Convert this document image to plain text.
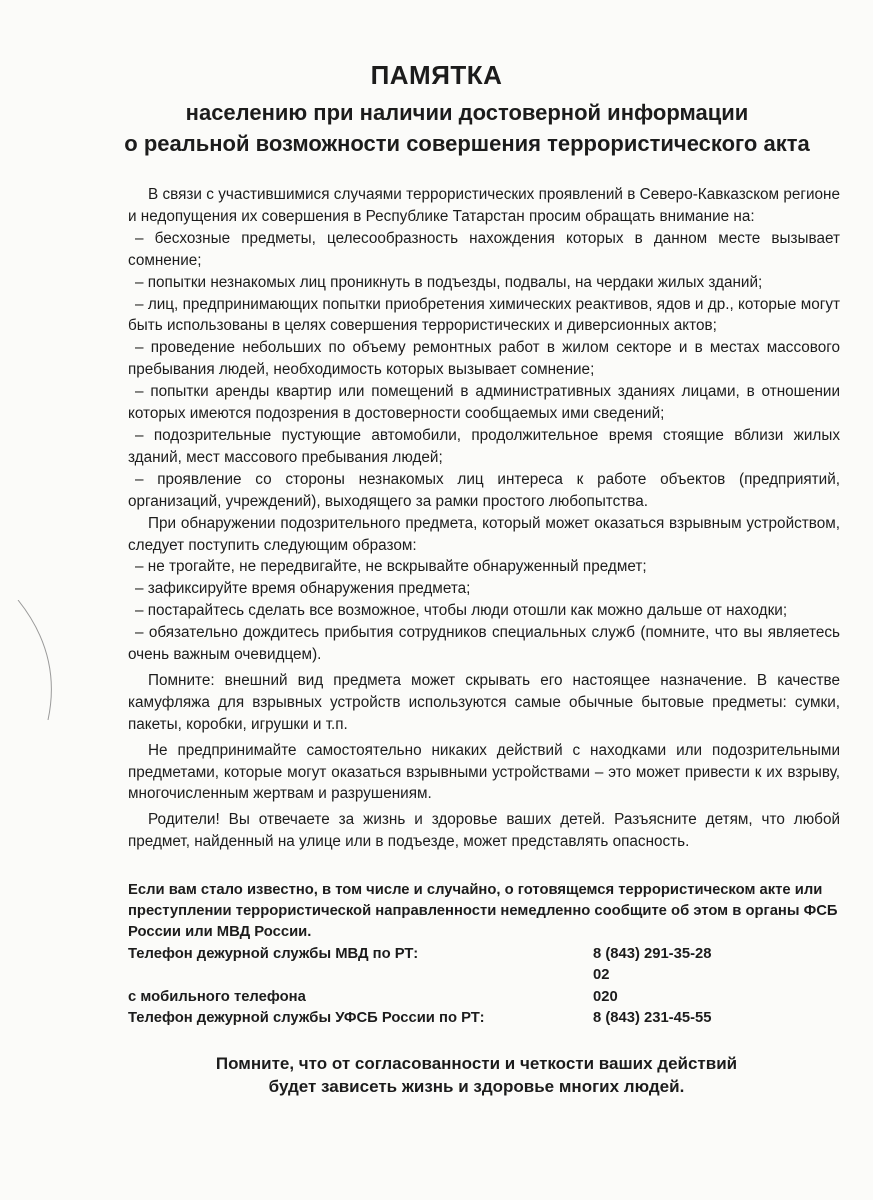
ПАМЯТКА
населению при наличии достоверной информации
о реальной возможности совершения террористического акта

В связи с участившимися случаями террористических проявлений в Северо-Кавказском регионе и недопущения их совершения в Республике Татарстан просим обращать внимание на:

– бесхозные предметы, целесообразность нахождения которых в данном месте вызывает сомнение;

– попытки незнакомых лиц проникнуть в подъезды, подвалы, на чердаки жилых зданий;

– лиц, предпринимающих попытки приобретения химических реактивов, ядов и др., которые могут быть использованы в целях совершения террористических и диверсионных актов;

– проведение небольших по объему ремонтных работ в жилом секторе и в местах массового пребывания людей, необходимость которых вызывает сомнение;

– попытки аренды квартир или помещений в административных зданиях лицами, в отношении которых имеются подозрения в достоверности сообщаемых ими сведений;

– подозрительные пустующие автомобили, продолжительное время стоящие вблизи жилых зданий, мест массового пребывания людей;

– проявление со стороны незнакомых лиц интереса к работе объектов (предприятий, организаций, учреждений), выходящего за рамки простого любопытства.

При обнаружении подозрительного предмета, который может оказаться взрывным устройством, следует поступить следующим образом:

– не трогайте, не передвигайте, не вскрывайте обнаруженный предмет;

– зафиксируйте время обнаружения предмета;

– постарайтесь сделать все возможное, чтобы люди отошли как можно дальше от находки;

– обязательно дождитесь прибытия сотрудников специальных служб (помните, что вы являетесь очень важным очевидцем).

Помните: внешний вид предмета может скрывать его настоящее назначение. В качестве камуфляжа для взрывных устройств используются самые обычные бытовые предметы: сумки, пакеты, коробки, игрушки и т.п.

Не предпринимайте самостоятельно никаких действий с находками или подозрительными предметами, которые могут оказаться взрывными устройствами – это может привести к их взрыву, многочисленным жертвам и разрушениям.

Родители! Вы отвечаете за жизнь и здоровье ваших детей. Разъясните детям, что любой предмет, найденный на улице или в подъезде, может представлять опасность.

Если вам стало известно, в том числе и случайно, о готовящемся террористическом акте или преступлении террористической направленности немедленно сообщите об этом в органы ФСБ России или МВД России.

Телефон дежурной службы МВД по РТ:	8 (843) 291-35-28
02
с мобильного телефона	020
Телефон дежурной службы УФСБ России по РТ:	8 (843) 231-45-55

Помните, что от согласованности и четкости ваших действий

будет зависеть жизнь и здоровье многих людей.
